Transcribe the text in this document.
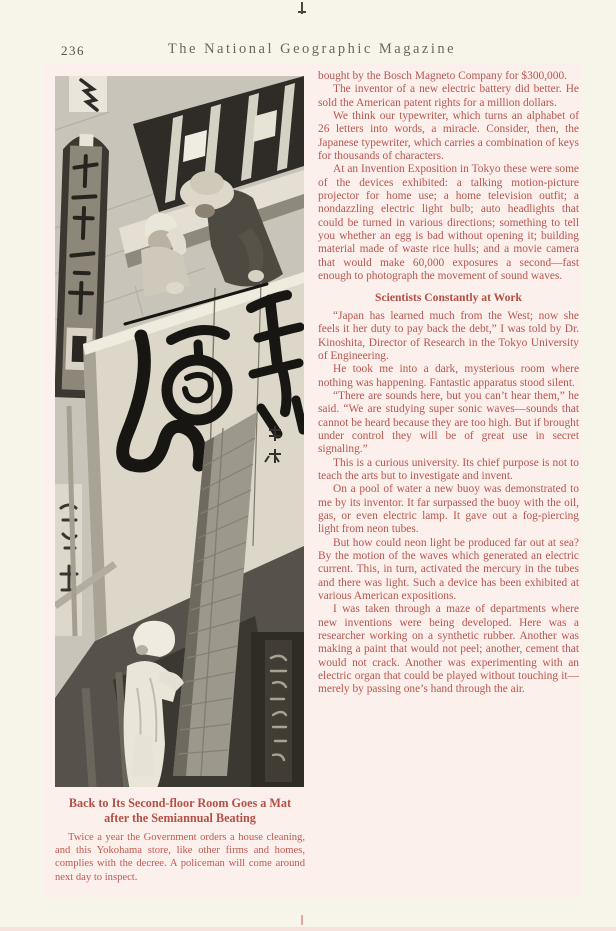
236	The National Geographic Magazine
Back to Its Second-floor Room Goes a Mat after the Semiannual Beating

Twice a year the Government orders a house cleaning, and this Yokohama store, like other firms and homes, complies with the decree. A policeman will come around next day to inspect.

bought by the Bosch Magneto Company for $300,000.

The inventor of a new electric battery did better. He sold the American patent rights for a million dollars.

We think our typewriter, which turns an alphabet of 26 letters into words, a miracle. Consider, then, the Japanese typewriter, which carries a combination of keys for thousands of characters.

At an Invention Exposition in Tokyo these were some of the devices exhibited: a talking motion-picture projector for home use; a home television outfit; a nondazzling electric light bulb; auto headlights that could be turned in various directions; something to tell you whether an egg is bad without opening it; building material made of waste rice hulls; and a movie camera that would make 60,000 exposures a second—fast enough to photograph the movement of sound waves.

Scientists Constantly at Work

“Japan has learned much from the West; now she feels it her duty to pay back the debt,” I was told by Dr. Kinoshita, Director of Research in the Tokyo University of Engineering.

He took me into a dark, mysterious room where nothing was happening. Fantastic apparatus stood silent.

“There are sounds here, but you can’t hear them,” he said. “We are studying super sonic waves—sounds that cannot be heard because they are too high. But if brought under control they will be of great use in secret signaling.”

This is a curious university. Its chief purpose is not to teach the arts but to investigate and invent.

On a pool of water a new buoy was demonstrated to me by its inventor. It far surpassed the buoy with the oil, gas, or even electric lamp. It gave out a fog-piercing light from neon tubes.

But how could neon light be produced far out at sea? By the motion of the waves which generated an electric current. This, in turn, activated the mercury in the tubes and there was light. Such a device has been exhibited at various American expositions.

I was taken through a maze of departments where new inventions were being developed. Here was a researcher working on a synthetic rubber. Another was making a paint that would not peel; another, cement that would not crack. Another was experimenting with an electric organ that could be played without touching it—merely by passing one’s hand through the air.
